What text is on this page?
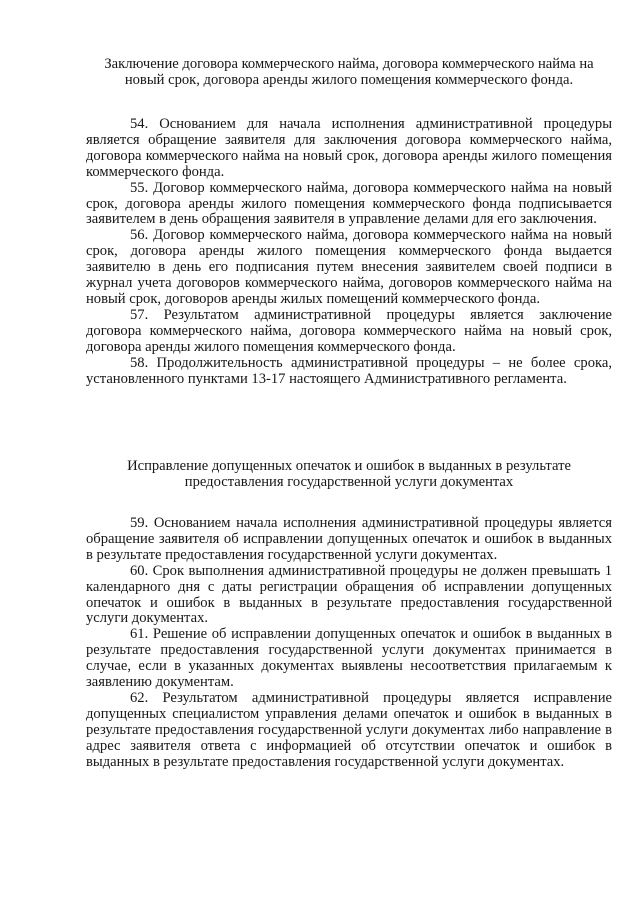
Заключение договора коммерческого найма, договора коммерческого найма на новый срок, договора аренды жилого помещения коммерческого фонда.

54. Основанием для начала исполнения административной процедуры является обращение заявителя для заключения договора коммерческого найма, договора коммерческого найма на новый срок, договора аренды жилого помещения коммерческого фонда.

55. Договор коммерческого найма, договора коммерческого найма на новый срок, договора аренды жилого помещения коммерческого фонда подписывается заявителем в день обращения заявителя в управление делами для его заключения.

56. Договор коммерческого найма, договора коммерческого найма на новый срок, договора аренды жилого помещения коммерческого фонда выдается заявителю в день его подписания путем внесения заявителем своей подписи в журнал учета договоров коммерческого найма, договоров коммерческого найма на новый срок, договоров аренды жилых помещений коммерческого фонда.

57. Результатом административной процедуры является заключение договора коммерческого найма, договора коммерческого найма на новый срок, договора аренды жилого помещения коммерческого фонда.

58. Продолжительность административной процедуры – не более срока, установленного пунктами 13-17 настоящего Административного регламента.

Исправление допущенных опечаток и ошибок в выданных в результате предоставления государственной услуги документах

59. Основанием начала исполнения административной процедуры является обращение заявителя об исправлении допущенных опечаток и ошибок в выданных в результате предоставления государственной услуги документах.

60. Срок выполнения административной процедуры не должен превышать 1 календарного дня с даты регистрации обращения об исправлении допущенных опечаток и ошибок в выданных в результате предоставления государственной услуги документах.

61. Решение об исправлении допущенных опечаток и ошибок в выданных в результате предоставления государственной услуги документах принимается в случае, если в указанных документах выявлены несоответствия прилагаемым к заявлению документам.

62. Результатом административной процедуры является исправление допущенных специалистом управления делами опечаток и ошибок в выданных в результате предоставления государственной услуги документах либо направление в адрес заявителя ответа с информацией об отсутствии опечаток и ошибок в выданных в результате предоставления государственной услуги документах.
